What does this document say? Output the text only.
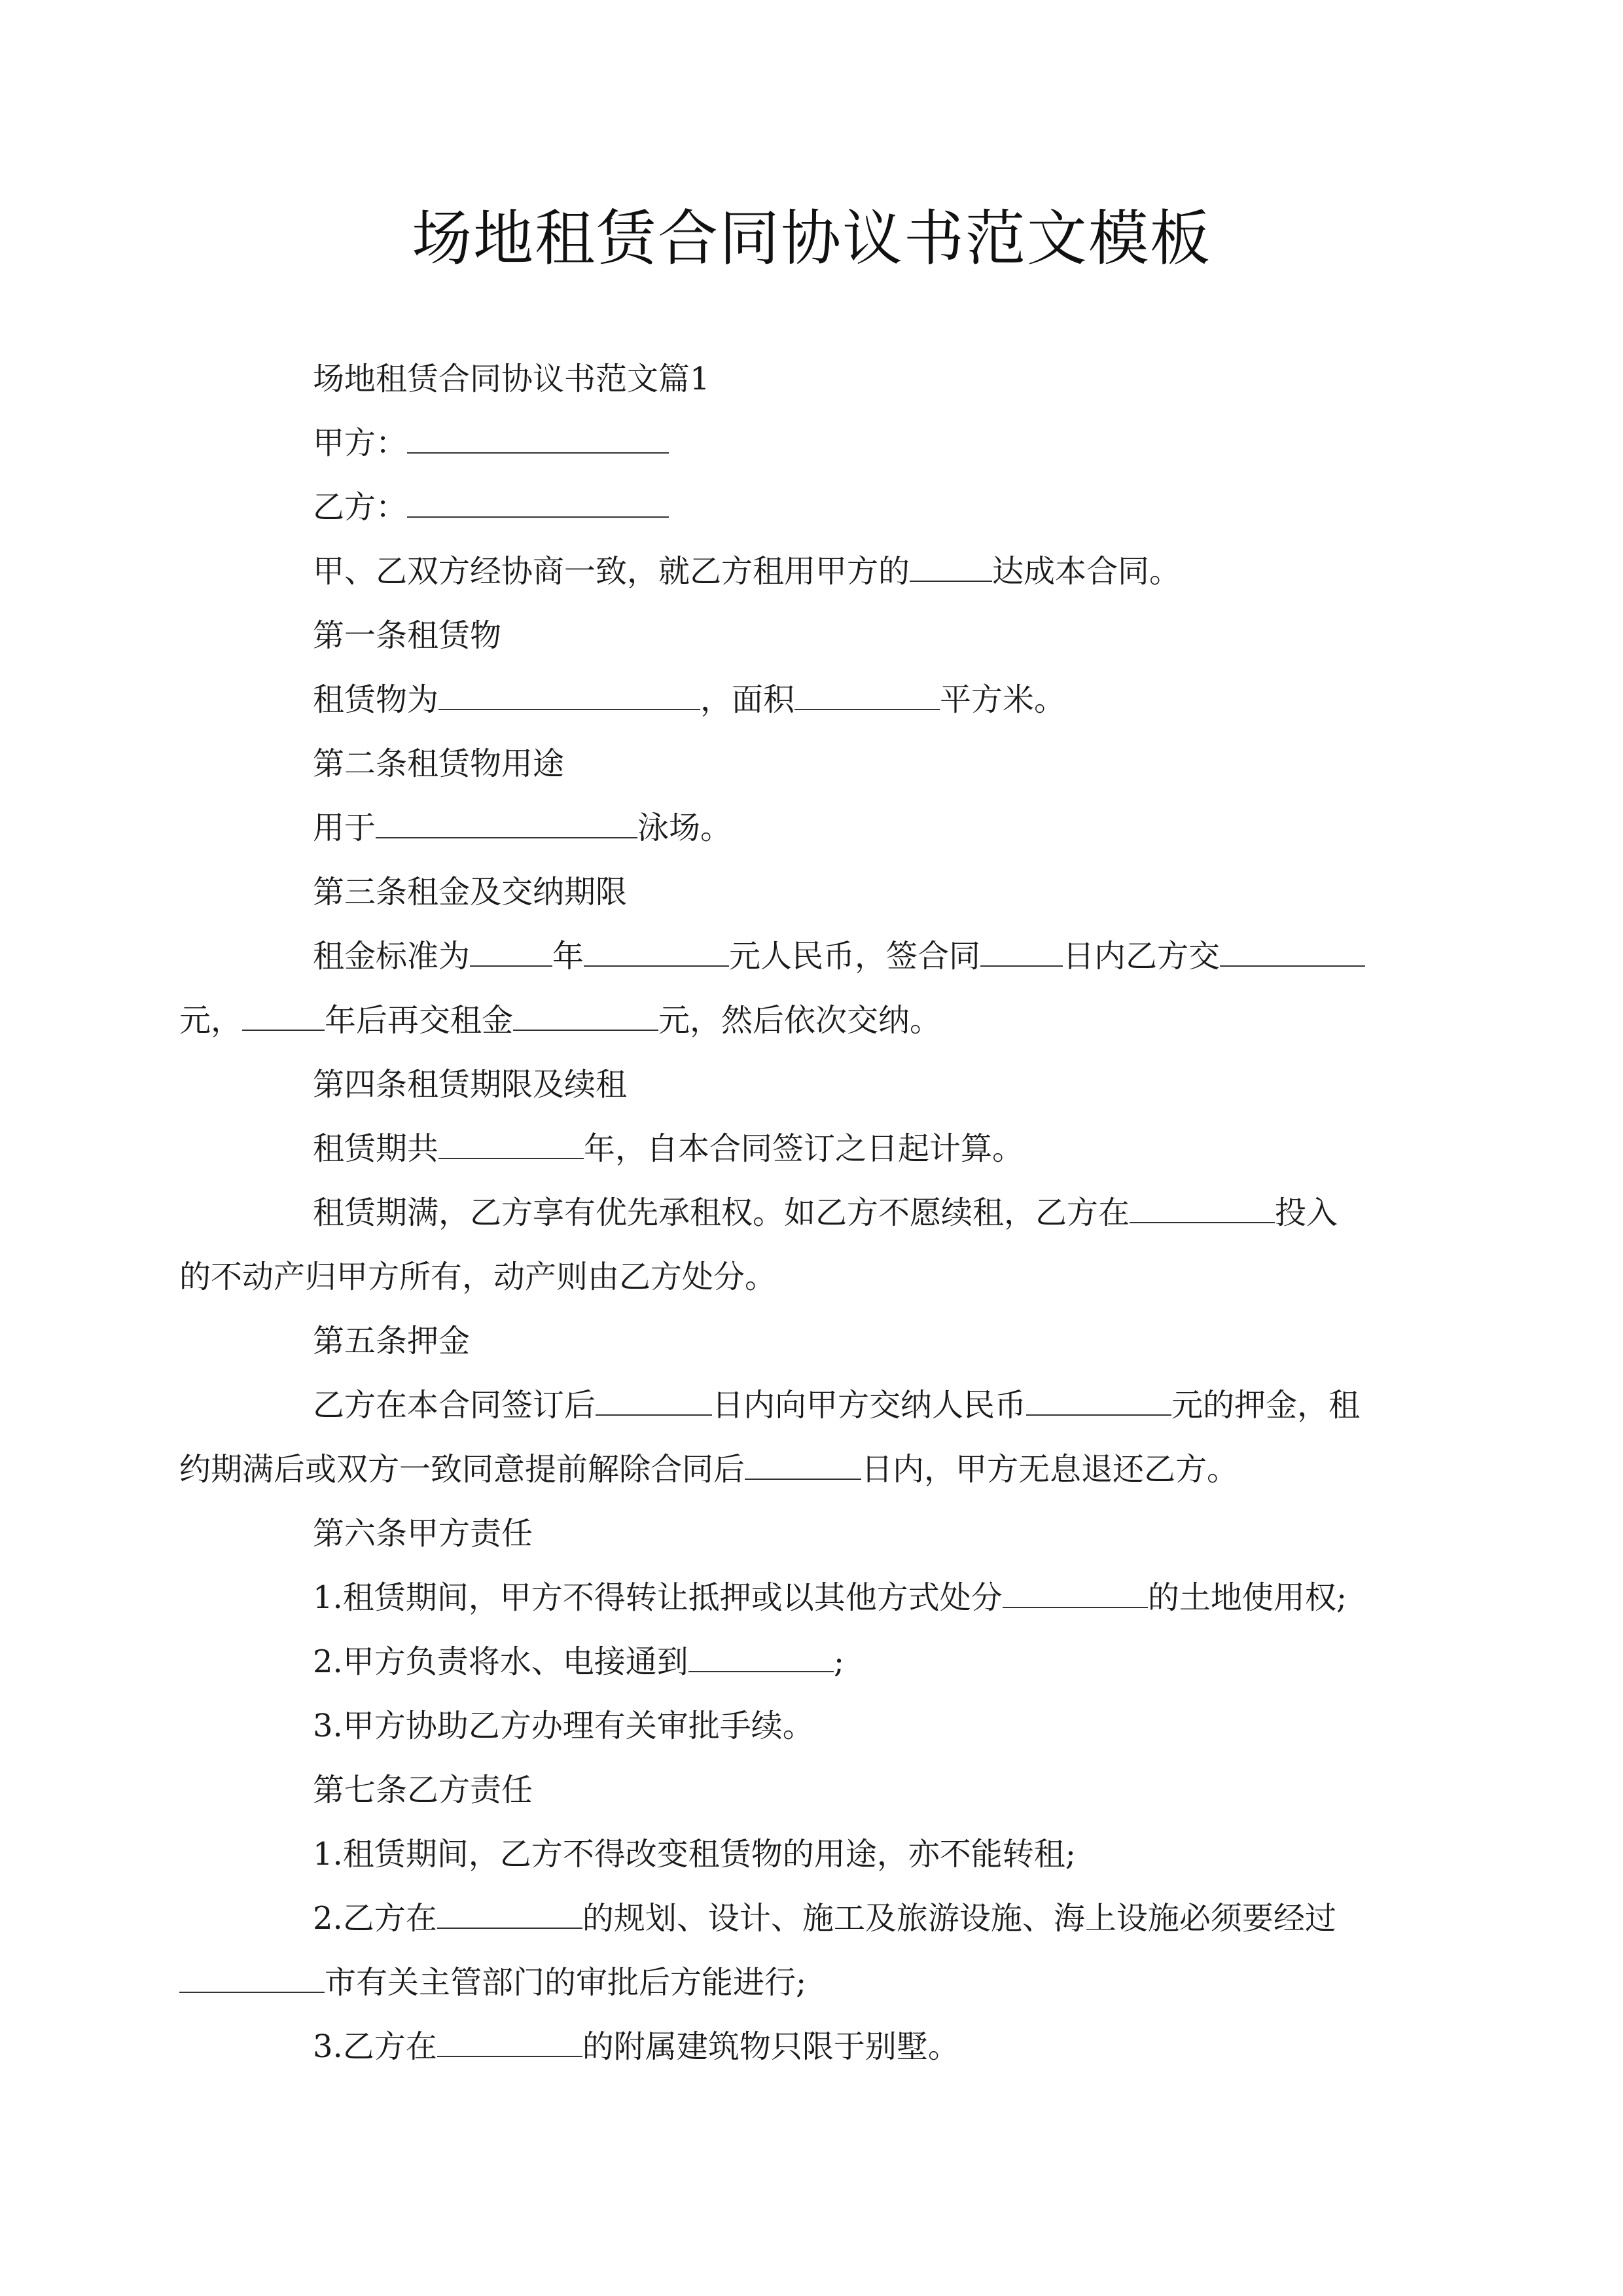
场地租赁合同协议书范文模板

场地租赁合同协议书范文篇1

甲方：

乙方：

甲、乙双方经协商一致，就乙方租用甲方的	达成本合同。

第一条租赁物

租赁物为	，面积	平方米。

第二条租赁物用途

用于	泳场。

第三条租金及交纳期限

租金标准为	年	元人民币，签合同	日内乙方交

元，	年后再交租金	元，然后依次交纳。

第四条租赁期限及续租

租赁期共	年，自本合同签订之日起计算。

租赁期满，乙方享有优先承租权。如乙方不愿续租，乙方在	投入

的不动产归甲方所有，动产则由乙方处分。

第五条押金

乙方在本合同签订后	日内向甲方交纳人民币	元的押金，租

约期满后或双方一致同意提前解除合同后	日内，甲方无息退还乙方。

第六条甲方责任

1.租赁期间，甲方不得转让抵押或以其他方式处分	的土地使用权;

2.甲方负责将水、电接通到	;

3.甲方协助乙方办理有关审批手续。

第七条乙方责任

1.租赁期间，乙方不得改变租赁物的用途，亦不能转租;

2.乙方在	的规划、设计、施工及旅游设施、海上设施必须要经过

市有关主管部门的审批后方能进行;

3.乙方在	的附属建筑物只限于别墅。
